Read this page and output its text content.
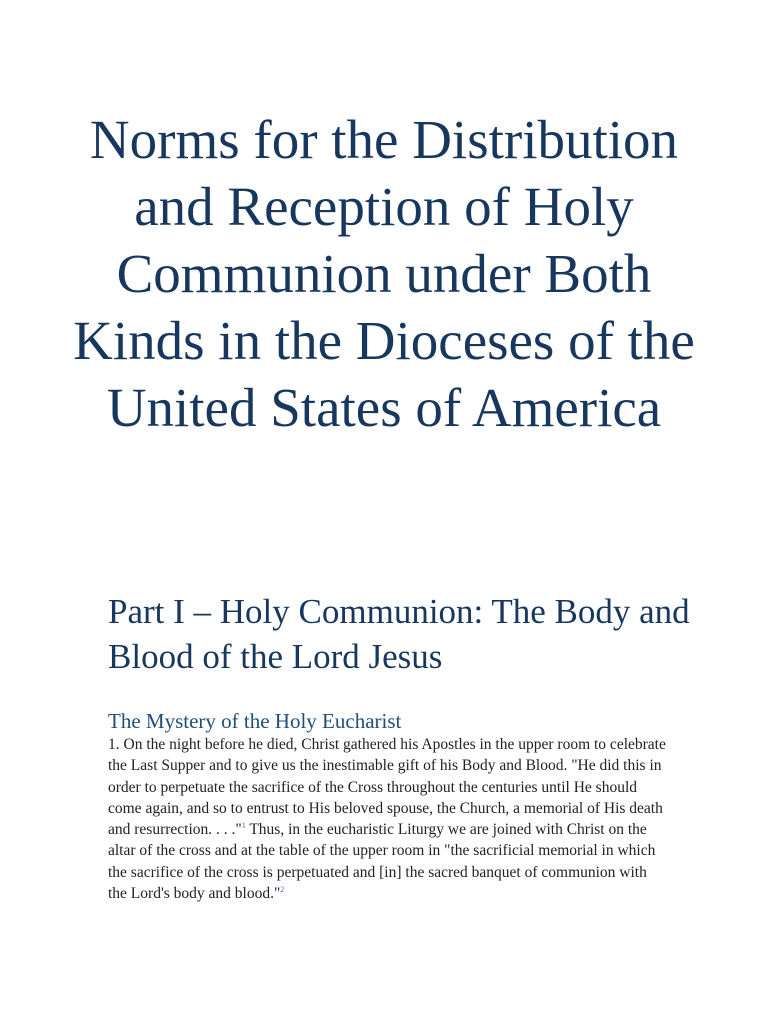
Norms for the Distribution and Reception of Holy Communion under Both Kinds in the Dioceses of the United States of America
Part I – Holy Communion: The Body and Blood of the Lord Jesus
The Mystery of the Holy Eucharist

1. On the night before he died, Christ gathered his Apostles in the upper room to celebrate the Last Supper and to give us the inestimable gift of his Body and Blood. "He did this in order to perpetuate the sacrifice of the Cross throughout the centuries until He should come again, and so to entrust to His beloved spouse, the Church, a memorial of His death and resurrection. . . ."$^1$ Thus, in the eucharistic Liturgy we are joined with Christ on the altar of the cross and at the table of the upper room in "the sacrificial memorial in which the sacrifice of the cross is perpetuated and [in] the sacred banquet of communion with the Lord's body and blood."$^2$
